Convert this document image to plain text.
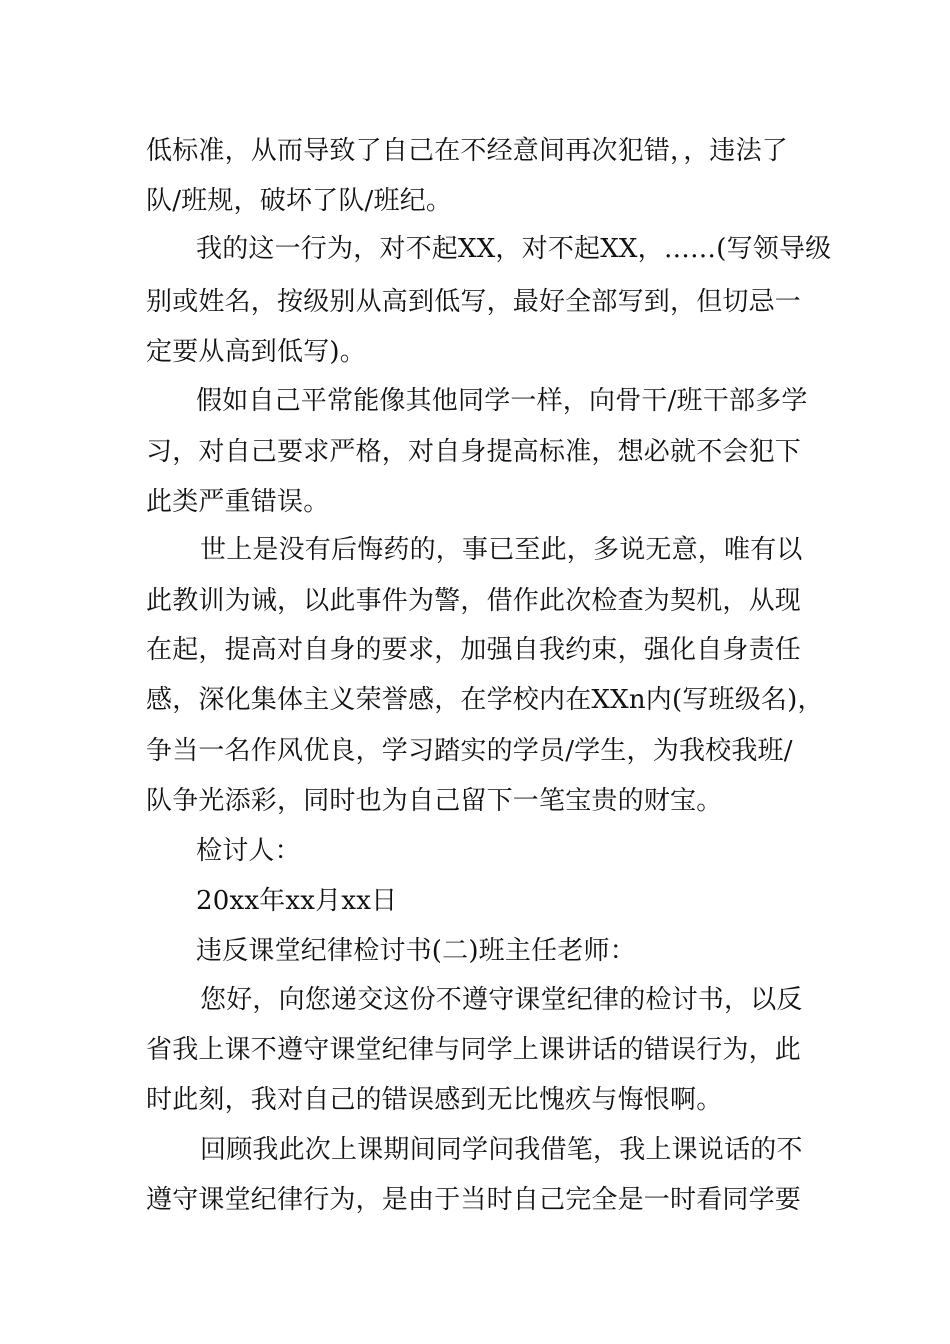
低标准，从而导致了自己在不经意间再次犯错，，违法了

队/班规，破坏了队/班纪。

我的这一行为，对不起XX，对不起XX，……(写领导级

别或姓名，按级别从高到低写，最好全部写到，但切忌一

定要从高到低写)。

假如自己平常能像其他同学一样，向骨干/班干部多学

习，对自己要求严格，对自身提高标准，想必就不会犯下

此类严重错误。

世上是没有后悔药的，事已至此，多说无意，唯有以

此教训为诫，以此事件为警，借作此次检查为契机，从现

在起，提高对自身的要求，加强自我约束，强化自身责任

感，深化集体主义荣誉感，在学校内在XXn内(写班级名)，

争当一名作风优良，学习踏实的学员/学生，为我校我班/

队争光添彩，同时也为自己留下一笔宝贵的财宝。

检讨人：

20xx年xx月xx日

违反课堂纪律检讨书(二)班主任老师：

您好，向您递交这份不遵守课堂纪律的检讨书，以反

省我上课不遵守课堂纪律与同学上课讲话的错误行为，此

时此刻，我对自己的错误感到无比愧疚与悔恨啊。

回顾我此次上课期间同学问我借笔，我上课说话的不

遵守课堂纪律行为，是由于当时自己完全是一时看同学要
